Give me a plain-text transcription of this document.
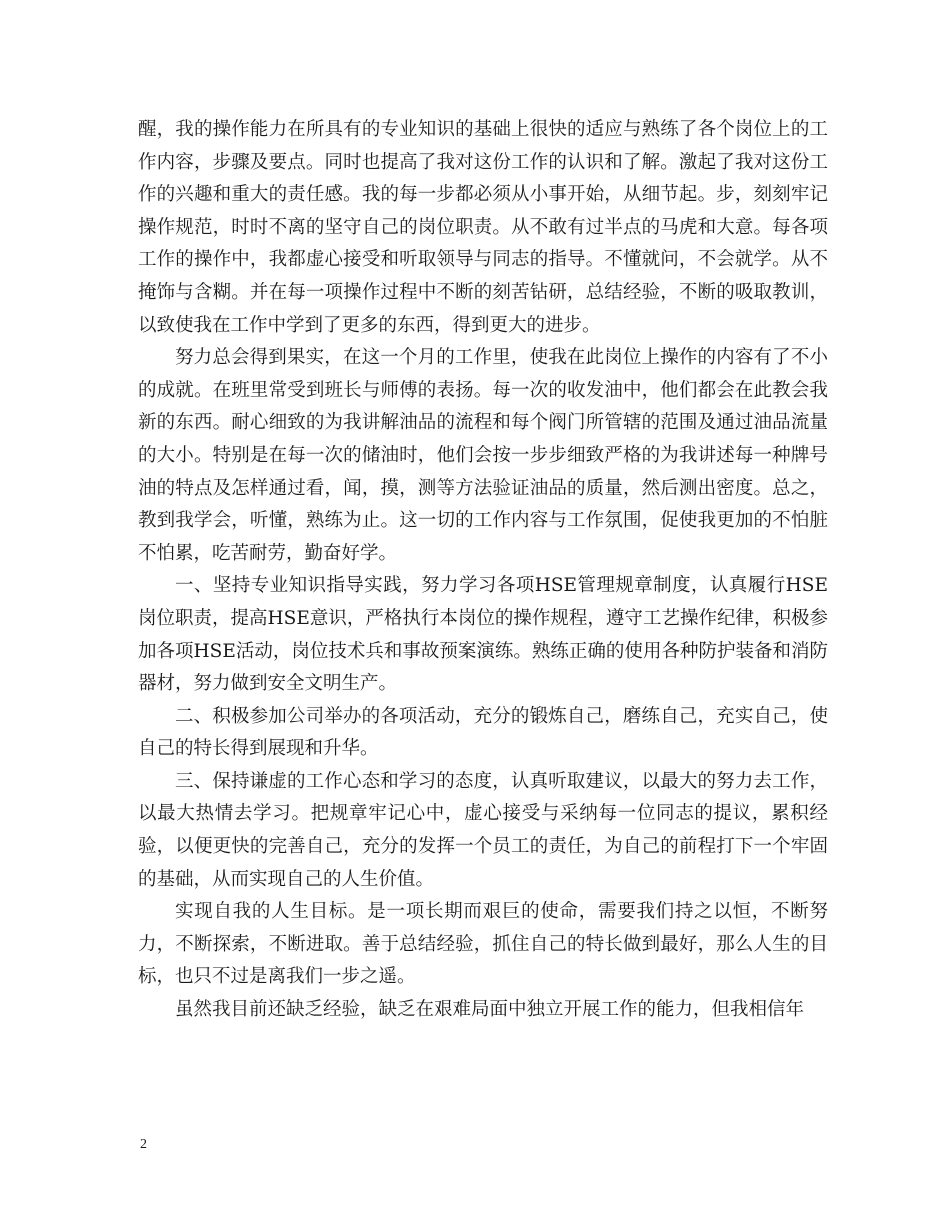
醒，我的操作能力在所具有的专业知识的基础上很快的适应与熟练了各个岗位上的工作内容，步骤及要点。同时也提高了我对这份工作的认识和了解。激起了我对这份工作的兴趣和重大的责任感。我的每一步都必须从小事开始，从细节起。步，刻刻牢记操作规范，时时不离的坚守自己的岗位职责。从不敢有过半点的马虎和大意。每各项工作的操作中，我都虚心接受和听取领导与同志的指导。不懂就问，不会就学。从不掩饰与含糊。并在每一项操作过程中不断的刻苦钻研，总结经验，不断的吸取教训，以致使我在工作中学到了更多的东西，得到更大的进步。

努力总会得到果实，在这一个月的工作里，使我在此岗位上操作的内容有了不小的成就。在班里常受到班长与师傅的表扬。每一次的收发油中，他们都会在此教会我新的东西。耐心细致的为我讲解油品的流程和每个阀门所管辖的范围及通过油品流量的大小。特别是在每一次的储油时，他们会按一步步细致严格的为我讲述每一种牌号油的特点及怎样通过看，闻，摸，测等方法验证油品的质量，然后测出密度。总之，教到我学会，听懂，熟练为止。这一切的工作内容与工作氛围，促使我更加的不怕脏不怕累，吃苦耐劳，勤奋好学。

一、坚持专业知识指导实践，努力学习各项HSE管理规章制度，认真履行HSE岗位职责，提高HSE意识，严格执行本岗位的操作规程，遵守工艺操作纪律，积极参加各项HSE活动，岗位技术兵和事故预案演练。熟练正确的使用各种防护装备和消防器材，努力做到安全文明生产。

二、积极参加公司举办的各项活动，充分的锻炼自己，磨练自己，充实自己，使自己的特长得到展现和升华。

三、保持谦虚的工作心态和学习的态度，认真听取建议，以最大的努力去工作，以最大热情去学习。把规章牢记心中，虚心接受与采纳每一位同志的提议，累积经验，以便更快的完善自己，充分的发挥一个员工的责任，为自己的前程打下一个牢固的基础，从而实现自己的人生价值。

实现自我的人生目标。是一项长期而艰巨的使命，需要我们持之以恒，不断努力，不断探索，不断进取。善于总结经验，抓住自己的特长做到最好，那么人生的目标，也只不过是离我们一步之遥。

虽然我目前还缺乏经验，缺乏在艰难局面中独立开展工作的能力，但我相信年

2
